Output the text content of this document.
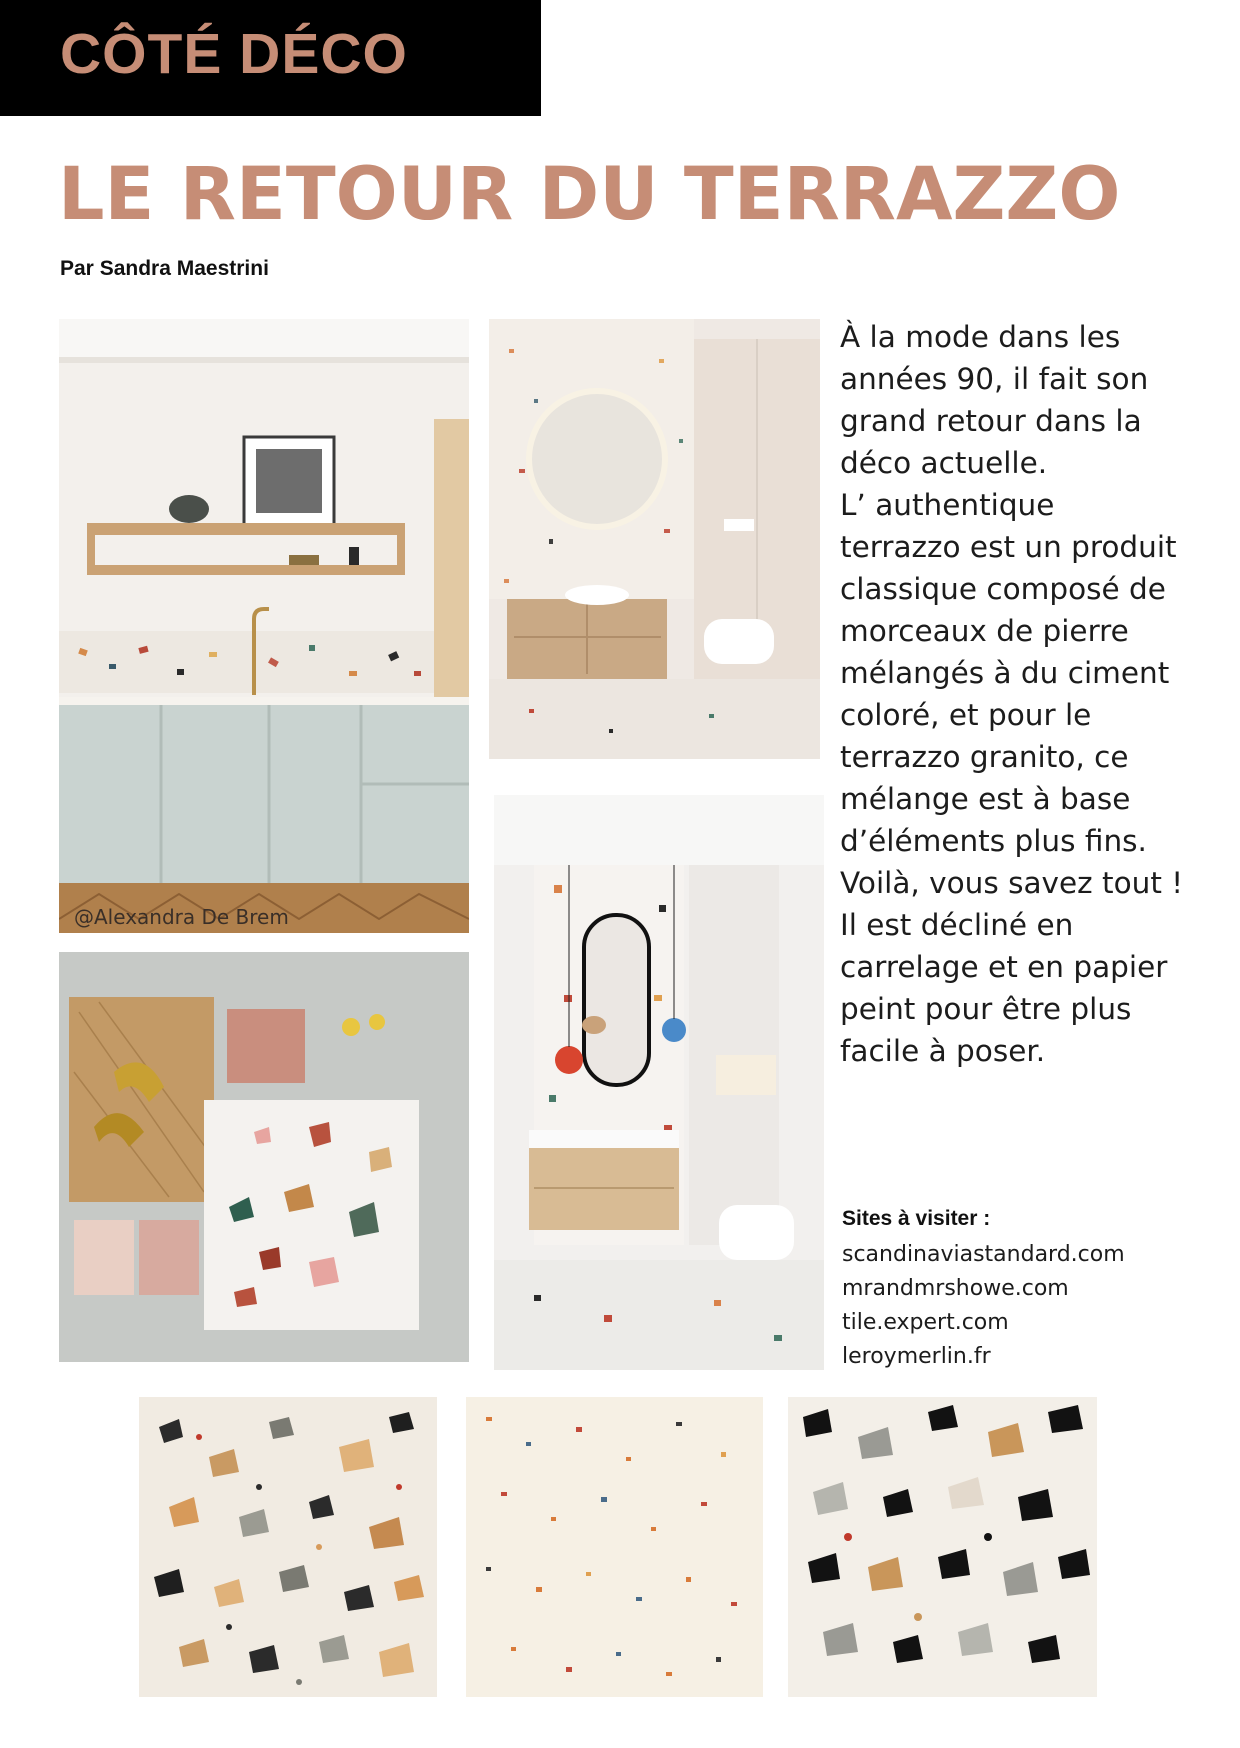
CÔTÉ DÉCO
LE RETOUR DU TERRAZZO

Par Sandra Maestrini

@Alexandra De Brem

À la mode dans les
années 90, il fait son
grand retour dans la
déco actuelle.
L’ authentique
terrazzo est un produit
classique composé de
morceaux de pierre
mélangés à du ciment
coloré, et pour le
terrazzo granito, ce
mélange est à base
d’éléments plus fins.
Voilà, vous savez tout !
Il est décliné en
carrelage et en papier
peint pour être plus
facile à poser.

Sites à visiter :

scandinaviastandard.com
mrandmrshowe.com
tile.expert.com
leroymerlin.fr
